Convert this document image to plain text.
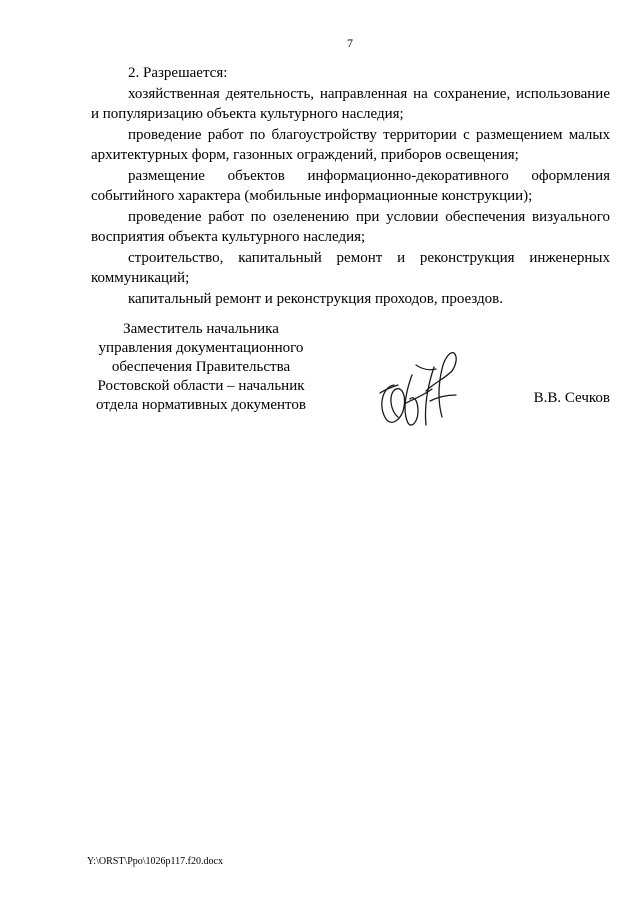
7

2. Разрешается:

хозяйственная деятельность, направленная на сохранение, использование и популяризацию объекта культурного наследия;

проведение работ по благоустройству территории с размещением малых архитектурных форм, газонных ограждений, приборов освещения;

размещение объектов информационно-декоративного оформления событийного характера (мобильные информационные конструкции);

проведение работ по озеленению при условии обеспечения визуального восприятия объекта культурного наследия;

строительство, капитальный ремонт и реконструкция инженерных коммуникаций;

капитальный ремонт и реконструкция проходов, проездов.

Заместитель начальника
управления документационного
обеспечения Правительства
Ростовской области – начальник
отдела нормативных документов	В.В. Сечков
Y:\ORST\Ppo\1026p117.f20.docx
